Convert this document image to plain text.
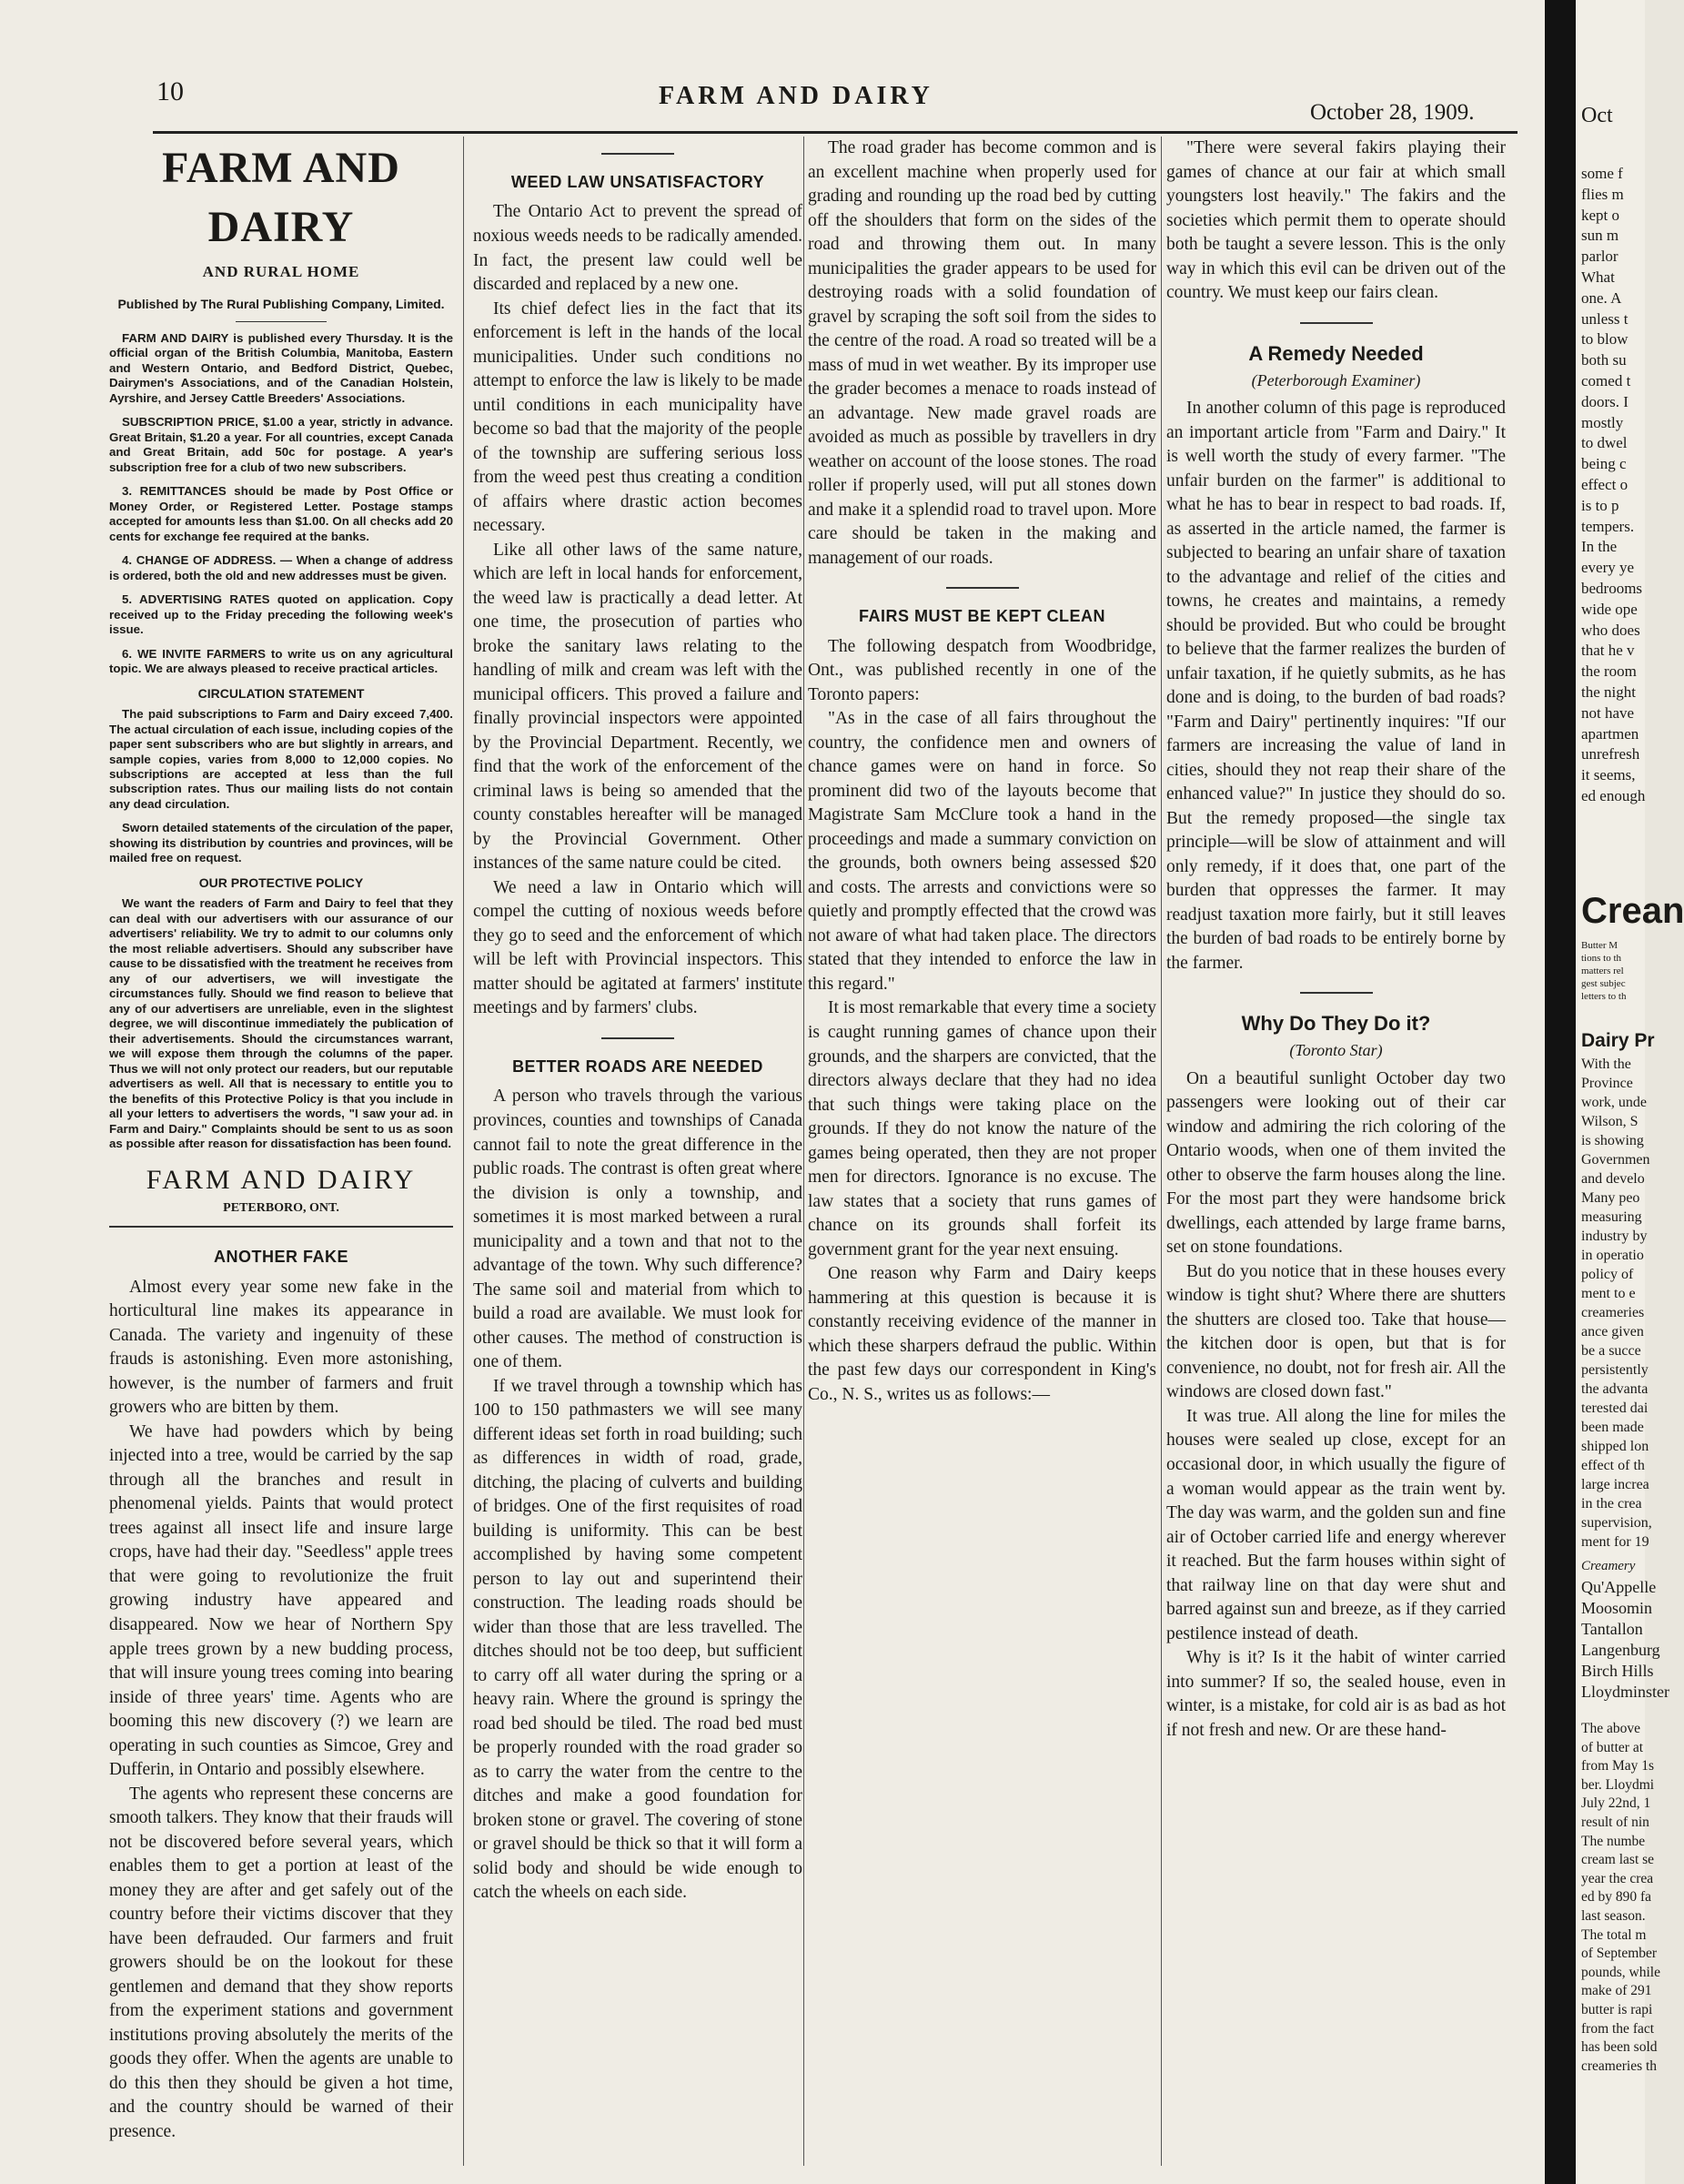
10	FARM AND DAIRY
October 28, 1909.
FARM AND DAIRY
AND RURAL HOME
Published by The Rural Publishing Company, Limited.

FARM AND DAIRY is published every Thursday. It is the official organ of the British Columbia, Manitoba, Eastern and Western Ontario, and Bedford District, Quebec, Dairymen's Associations, and of the Canadian Holstein, Ayrshire, and Jersey Cattle Breeders' Associations.

SUBSCRIPTION PRICE, $1.00 a year, strictly in advance. Great Britain, $1.20 a year. For all countries, except Canada and Great Britain, add 50c for postage. A year's subscription free for a club of two new subscribers.

3. REMITTANCES should be made by Post Office or Money Order, or Registered Letter. Postage stamps accepted for amounts less than $1.00. On all checks add 20 cents for exchange fee required at the banks.

4. CHANGE OF ADDRESS. — When a change of address is ordered, both the old and new addresses must be given.

5. ADVERTISING RATES quoted on application. Copy received up to the Friday preceding the following week's issue.

6. WE INVITE FARMERS to write us on any agricultural topic. We are always pleased to receive practical articles.

CIRCULATION STATEMENT

The paid subscriptions to Farm and Dairy exceed 7,400. The actual circulation of each issue, including copies of the paper sent subscribers who are but slightly in arrears, and sample copies, varies from 8,000 to 12,000 copies. No subscriptions are accepted at less than the full subscription rates. Thus our mailing lists do not contain any dead circulation.

Sworn detailed statements of the circulation of the paper, showing its distribution by countries and provinces, will be mailed free on request.

OUR PROTECTIVE POLICY

We want the readers of Farm and Dairy to feel that they can deal with our advertisers with our assurance of our advertisers' reliability. We try to admit to our columns only the most reliable advertisers. Should any subscriber have cause to be dissatisfied with the treatment he receives from any of our advertisers, we will investigate the circumstances fully. Should we find reason to believe that any of our advertisers are unreliable, even in the slightest degree, we will discontinue immediately the publication of their advertisements. Should the circumstances warrant, we will expose them through the columns of the paper. Thus we will not only protect our readers, but our reputable advertisers as well. All that is necessary to entitle you to the benefits of this Protective Policy is that you include in all your letters to advertisers the words, "I saw your ad. in Farm and Dairy." Complaints should be sent to us as soon as possible after reason for dissatisfaction has been found.

FARM AND DAIRY
PETERBORO, ONT.
ANOTHER FAKE

Almost every year some new fake in the horticultural line makes its appearance in Canada. The variety and ingenuity of these frauds is astonishing. Even more astonishing, however, is the number of farmers and fruit growers who are bitten by them.

We have had powders which by being injected into a tree, would be carried by the sap through all the branches and result in phenomenal yields. Paints that would protect trees against all insect life and insure large crops, have had their day. "Seedless" apple trees that were going to revolutionize the fruit growing industry have appeared and disappeared. Now we hear of Northern Spy apple trees grown by a new budding process, that will insure young trees coming into bearing inside of three years' time. Agents who are booming this new discovery (?) we learn are operating in such counties as Simcoe, Grey and Dufferin, in Ontario and possibly elsewhere.

The agents who represent these concerns are smooth talkers. They know that their frauds will not be discovered before several years, which enables them to get a portion at least of the money they are after and get safely out of the country before their victims discover that they have been defrauded. Our farmers and fruit growers should be on the lookout for these gentlemen and demand that they show reports from the experiment stations and government institutions proving absolutely the merits of the goods they offer. When the agents are unable to do this then they should be given a hot time, and the country should be warned of their presence.

WEED LAW UNSATISFACTORY

The Ontario Act to prevent the spread of noxious weeds needs to be radically amended. In fact, the present law could well be discarded and replaced by a new one.

Its chief defect lies in the fact that its enforcement is left in the hands of the local municipalities. Under such conditions no attempt to enforce the law is likely to be made until conditions in each municipality have become so bad that the majority of the people of the township are suffering serious loss from the weed pest thus creating a condition of affairs where drastic action becomes necessary.

Like all other laws of the same nature, which are left in local hands for enforcement, the weed law is practically a dead letter. At one time, the prosecution of parties who broke the sanitary laws relating to the handling of milk and cream was left with the municipal officers. This proved a failure and finally provincial inspectors were appointed by the Provincial Department. Recently, we find that the work of the enforcement of the criminal laws is being so amended that the county constables hereafter will be managed by the Provincial Government. Other instances of the same nature could be cited.

We need a law in Ontario which will compel the cutting of noxious weeds before they go to seed and the enforcement of which will be left with Provincial inspectors. This matter should be agitated at farmers' institute meetings and by farmers' clubs.

BETTER ROADS ARE NEEDED

A person who travels through the various provinces, counties and townships of Canada cannot fail to note the great difference in the public roads. The contrast is often great where the division is only a township, and sometimes it is most marked between a rural municipality and a town and that not to the advantage of the town. Why such difference? The same soil and material from which to build a road are available. We must look for other causes. The method of construction is one of them.

If we travel through a township which has 100 to 150 pathmasters we will see many different ideas set forth in road building; such as differences in width of road, grade, ditching, the placing of culverts and building of bridges. One of the first requisites of road building is uniformity. This can be best accomplished by having some competent person to lay out and superintend their construction. The leading roads should be wider than those that are less travelled. The ditches should not be too deep, but sufficient to carry off all water during the spring or a heavy rain. Where the ground is springy the road bed should be tiled. The road bed must be properly rounded with the road grader so as to carry the water from the centre to the ditches and make a good foundation for broken stone or gravel. The covering of stone or gravel should be thick so that it will form a solid body and should be wide enough to catch the wheels on each side.

The road grader has become common and is an excellent machine when properly used for grading and rounding up the road bed by cutting off the shoulders that form on the sides of the road and throwing them out. In many municipalities the grader appears to be used for destroying roads with a solid foundation of gravel by scraping the soft soil from the sides to the centre of the road. A road so treated will be a mass of mud in wet weather. By its improper use the grader becomes a menace to roads instead of an advantage. New made gravel roads are avoided as much as possible by travellers in dry weather on account of the loose stones. The road roller if properly used, will put all stones down and make it a splendid road to travel upon. More care should be taken in the making and management of our roads.

FAIRS MUST BE KEPT CLEAN

The following despatch from Woodbridge, Ont., was published recently in one of the Toronto papers:

"As in the case of all fairs throughout the country, the confidence men and owners of chance games were on hand in force. So prominent did two of the layouts become that Magistrate Sam McClure took a hand in the proceedings and made a summary conviction on the grounds, both owners being assessed $20 and costs. The arrests and convictions were so quietly and promptly effected that the crowd was not aware of what had taken place. The directors stated that they intended to enforce the law in this regard."

It is most remarkable that every time a society is caught running games of chance upon their grounds, and the sharpers are convicted, that the directors always declare that they had no idea that such things were taking place on the grounds. If they do not know the nature of the games being operated, then they are not proper men for directors. Ignorance is no excuse. The law states that a society that runs games of chance on its grounds shall forfeit its government grant for the year next ensuing.

One reason why Farm and Dairy keeps hammering at this question is because it is constantly receiving evidence of the manner in which these sharpers defraud the public. Within the past few days our correspondent in King's Co., N. S., writes us as follows:—

"There were several fakirs playing their games of chance at our fair at which small youngsters lost heavily." The fakirs and the societies which permit them to operate should both be taught a severe lesson. This is the only way in which this evil can be driven out of the country. We must keep our fairs clean.

A Remedy Needed
(Peterborough Examiner)

In another column of this page is reproduced an important article from "Farm and Dairy." It is well worth the study of every farmer. "The unfair burden on the farmer" is additional to what he has to bear in respect to bad roads. If, as asserted in the article named, the farmer is subjected to bearing an unfair share of taxation to the advantage and relief of the cities and towns, he creates and maintains, a remedy should be provided. But who could be brought to believe that the farmer realizes the burden of unfair taxation, if he quietly submits, as he has done and is doing, to the burden of bad roads? "Farm and Dairy" pertinently inquires: "If our farmers are increasing the value of land in cities, should they not reap their share of the enhanced value?" In justice they should do so. But the remedy proposed—the single tax principle—will be slow of attainment and will only remedy, if it does that, one part of the burden that oppresses the farmer. It may readjust taxation more fairly, but it still leaves the burden of bad roads to be entirely borne by the farmer.

Why Do They Do it?
(Toronto Star)

On a beautiful sunlight October day two passengers were looking out of their car window and admiring the rich coloring of the Ontario woods, when one of them invited the other to observe the farm houses along the line. For the most part they were handsome brick dwellings, each attended by large frame barns, set on stone foundations.

But do you notice that in these houses every window is tight shut? Where there are shutters the shutters are closed too. Take that house—the kitchen door is open, but that is for convenience, no doubt, not for fresh air. All the windows are closed down fast."

It was true. All along the line for miles the houses were sealed up close, except for an occasional door, in which usually the figure of a woman would appear as the train went by. The day was warm, and the golden sun and fine air of October carried life and energy wherever it reached. But the farm houses within sight of that railway line on that day were shut and barred against sun and breeze, as if they carried pestilence instead of death.

Why is it? Is it the habit of winter carried into summer? If so, the sealed house, even in winter, is a mistake, for cold air is as bad as hot if not fresh and new. Or are these hand-

Oct
some f
flies m
kept o
sun m
parlor
What
one. A
unless t
to blow
both su
comed t
doors. I
mostly
to dwel
being c
effect o
is to p
tempers.
In the
every ye
bedrooms
wide ope
who does
that he v
the room
the night
not have
apartmen
unrefresh
it seems,
ed enough
Crean
Butter M
tions to th
matters rel
gest subjec
letters to th
Dairy Pr
With the
Province
work, unde
Wilson, S
is showing
Governmen
and develo
Many peo
measuring
industry by
in operatio
policy of
ment to e
creameries
ance given
be a succe
persistently
the advanta
terested dai
been made
shipped lon
effect of th
large increa
in the crea
supervision,
ment for 19
Creamery
Qu'Appelle
Moosomin
Tantallon
Langenburg
Birch Hills
Lloydminster
The above
of butter at
from May 1s
ber. Lloydmi
July 22nd, 1
result of nin
The numbe
cream last se
year the crea
ed by 890 fa
last season.
The total m
of September
pounds, while
make of 291
butter is rapi
from the fact
has been sold
creameries th
